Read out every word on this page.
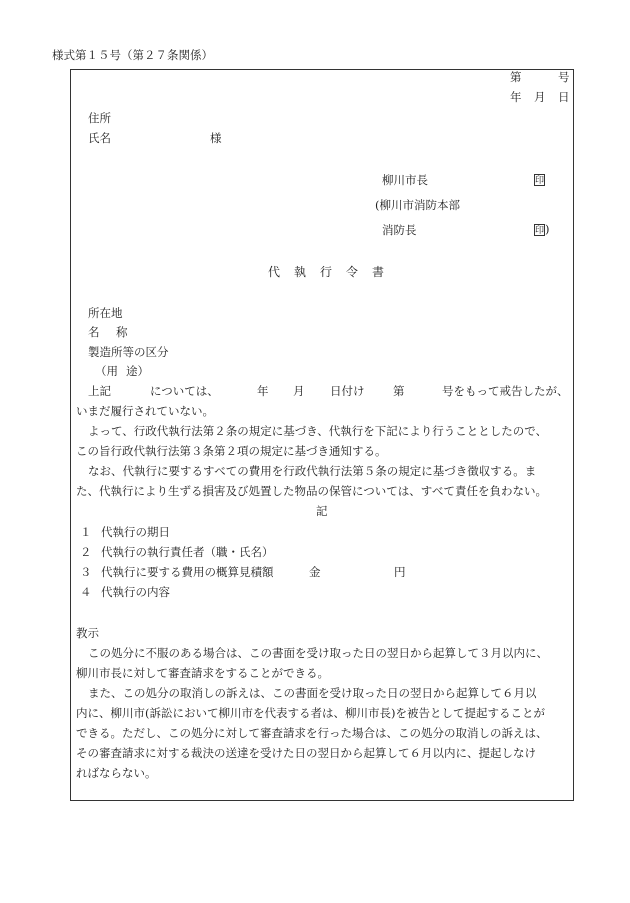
様式第１５号（第２７条関係）
第	号
年 月 日
住所
氏名	様
柳川市長	印
(柳川市消防本部
消防長	印)
代執行令書
所在地
名 称
製造所等の区分
（用 途）
上記	については、	年 月 日付け 第	号をもって戒告したが、
いまだ履行されていない。
よって、行政代執行法第２条の規定に基づき、代執行を下記により行うこととしたので、
この旨行政代執行法第３条第２項の規定に基づき通知する。
なお、代執行に要するすべての費用を行政代執行法第５条の規定に基づき徴収する。ま
た、代執行により生ずる損害及び処置した物品の保管については、すべて責任を負わない。
記
１ 代執行の期日
２ 代執行の執行責任者（職・氏名）
３ 代執行に要する費用の概算見積額	金	円
４ 代執行の内容
教示
この処分に不服のある場合は、この書面を受け取った日の翌日から起算して３月以内に、
柳川市長に対して審査請求をすることができる。
また、この処分の取消しの訴えは、この書面を受け取った日の翌日から起算して６月以
内に、柳川市(訴訟において柳川市を代表する者は、柳川市長)を被告として提起することが
できる。ただし、この処分に対して審査請求を行った場合は、この処分の取消しの訴えは、
その審査請求に対する裁決の送達を受けた日の翌日から起算して６月以内に、提起しなけ
ればならない。
